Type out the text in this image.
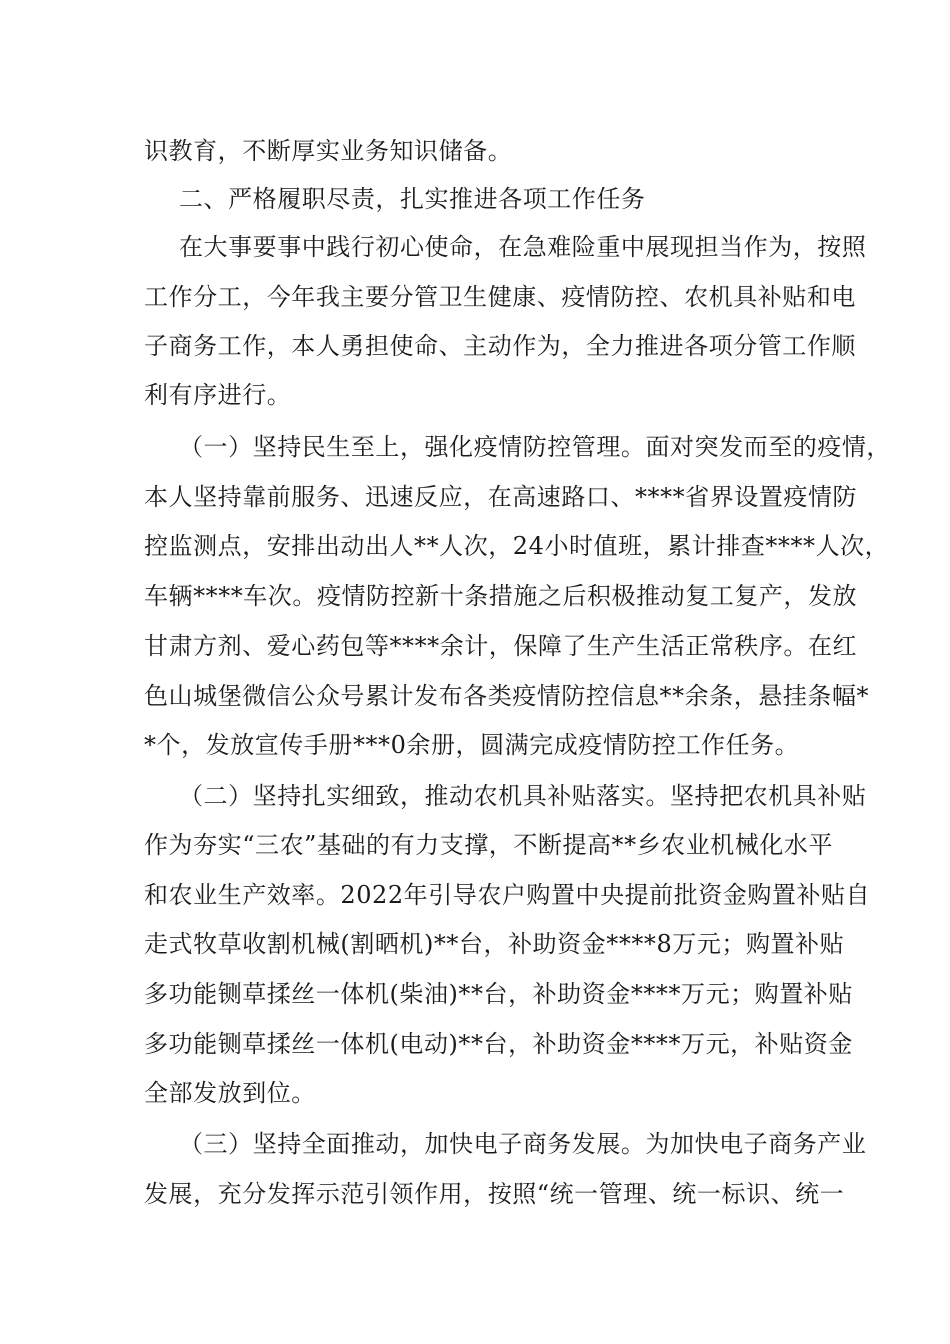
识教育，不断厚实业务知识储备。
二、严格履职尽责，扎实推进各项工作任务
在大事要事中践行初心使命，在急难险重中展现担当作为，按照
工作分工，今年我主要分管卫生健康、疫情防控、农机具补贴和电
子商务工作，本人勇担使命、主动作为，全力推进各项分管工作顺
利有序进行。
（一）坚持民生至上，强化疫情防控管理。面对突发而至的疫情，
本人坚持靠前服务、迅速反应，在高速路口、****省界设置疫情防
控监测点，安排出动出人**人次，24小时值班，累计排查****人次，
车辆****车次。疫情防控新十条措施之后积极推动复工复产，发放
甘肃方剂、爱心药包等****余计，保障了生产生活正常秩序。在红
色山城堡微信公众号累计发布各类疫情防控信息**余条，悬挂条幅*
*个，发放宣传手册***0余册，圆满完成疫情防控工作任务。
（二）坚持扎实细致，推动农机具补贴落实。坚持把农机具补贴
作为夯实“三农”基础的有力支撑，不断提高**乡农业机械化水平
和农业生产效率。2022年引导农户购置中央提前批资金购置补贴自
走式牧草收割机械(割晒机)**台，补助资金****8万元；购置补贴
多功能铡草揉丝一体机(柴油)**台，补助资金****万元；购置补贴
多功能铡草揉丝一体机(电动)**台，补助资金****万元，补贴资金
全部发放到位。
（三）坚持全面推动，加快电子商务发展。为加快电子商务产业
发展，充分发挥示范引领作用，按照“统一管理、统一标识、统一
